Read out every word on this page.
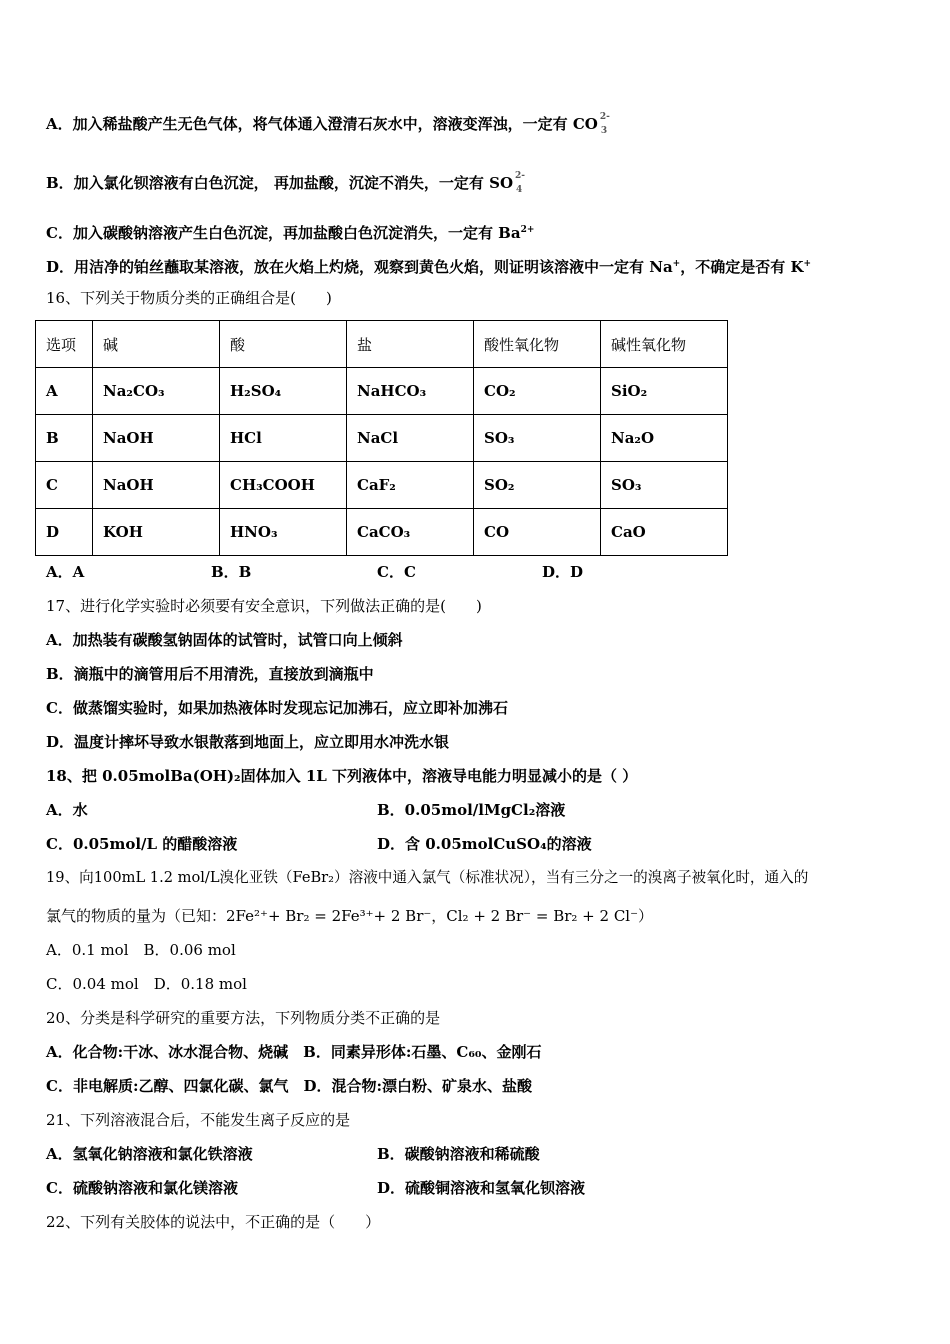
A．加入稀盐酸产生无色气体，将气体通入澄清石灰水中，溶液变浑浊，一定有 CO 2-
3
B．加入氯化钡溶液有白色沉淀， 再加盐酸，沉淀不消失，一定有 SO 2-
4
C．加入碳酸钠溶液产生白色沉淀，再加盐酸白色沉淀消失，一定有 $Ba^{2+}$
D．用洁净的铂丝蘸取某溶液，放在火焰上灼烧，观察到黄色火焰，则证明该溶液中一定有 Na+，不确定是否有 K+
16、下列关于物质分类的正确组合是(　　)
选项	碱	酸	盐	酸性氧化物	碱性氧化物
A	Na₂CO₃	H₂SO₄	NaHCO₃	CO₂	SiO₂
B	NaOH	HCl	NaCl	SO₃	Na₂O
C	NaOH	CH₃COOH	CaF₂	SO₂	SO₃
D	KOH	HNO₃	CaCO₃	CO	CaO
A．A	B．B	C．C	D．D
17、进行化学实验时必须要有安全意识，下列做法正确的是(　　)
A．加热装有碳酸氢钠固体的试管时，试管口向上倾斜
B．滴瓶中的滴管用后不用清洗，直接放到滴瓶中
C．做蒸馏实验时，如果加热液体时发现忘记加沸石，应立即补加沸石
D．温度计摔坏导致水银散落到地面上，应立即用水冲洗水银
18、把 0.05molBa(OH)₂固体加入 1L 下列液体中，溶液导电能力明显减小的是（ ）
A．水	B．0.05mol/lMgCl₂溶液
C．0.05mol/L 的醋酸溶液	D．含 0.05molCuSO₄的溶液
19、向100mL 1.2 mol/L溴化亚铁（FeBr₂）溶液中通入氯气（标准状况），当有三分之一的溴离子被氧化时，通入的
氯气的物质的量为（已知：2Fe²⁺+ Br₂ = 2Fe³⁺+ 2 Br⁻，Cl₂ + 2 Br⁻ = Br₂ + 2 Cl⁻）
A．0.1 mol　B．0.06 mol
C．0.04 mol　D．0.18 mol
20、分类是科学研究的重要方法，下列物质分类不正确的是
A．化合物:干冰、冰水混合物、烧碱　B．同素异形体:石墨、C₆₀、金刚石
C．非电解质:乙醇、四氯化碳、氯气　D．混合物:漂白粉、矿泉水、盐酸
21、下列溶液混合后，不能发生离子反应的是
A．氢氧化钠溶液和氯化铁溶液	B．碳酸钠溶液和稀硫酸
C．硫酸钠溶液和氯化镁溶液	D．硫酸铜溶液和氢氧化钡溶液
22、下列有关胶体的说法中，不正确的是（　　）
